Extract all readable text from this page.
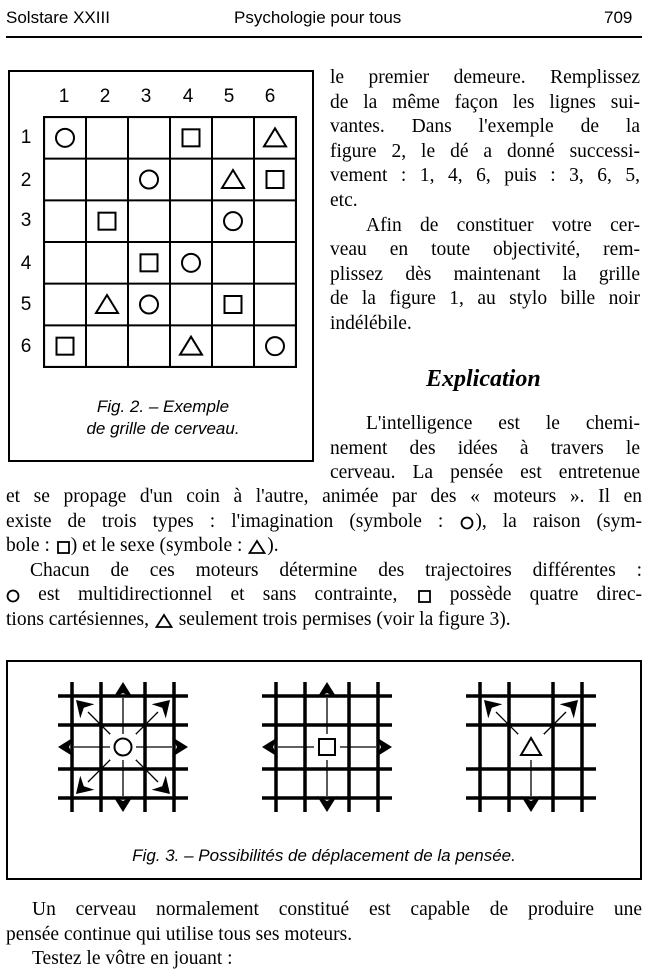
Solstare XXIII	Psychologie pour tous	709
1 2 3 4 5 6
1
2
3
4
5
6
Fig. 2. – Exemple
de grille de cerveau.
le premier demeure. Remplissez
de la même façon les lignes sui-
vantes. Dans l'exemple de la
figure 2, le dé a donné successi-
vement : 1, 4, 6, puis : 3, 6, 5,
etc.
Afin de constituer votre cer-
veau en toute objectivité, rem-
plissez dès maintenant la grille
de la figure 1, au stylo bille noir
indélébile.
Explication
L'intelligence est le chemi-
nement des idées à travers le
cerveau. La pensée est entretenue
et se propage d'un coin à l'autre, animée par des « moteurs ». Il en
existe de trois types : l'imagination (symbole : ), la raison (sym-
bole : ) et le sexe (symbole : ).
Chacun de ces moteurs détermine des trajectoires différentes :
est multidirectionnel et sans contrainte,  possède quatre direc-
tions cartésiennes,  seulement trois permises (voir la figure 3).
Fig. 3. – Possibilités de déplacement de la pensée.
Un cerveau normalement constitué est capable de produire une
pensée continue qui utilise tous ses moteurs.
Testez le vôtre en jouant :
